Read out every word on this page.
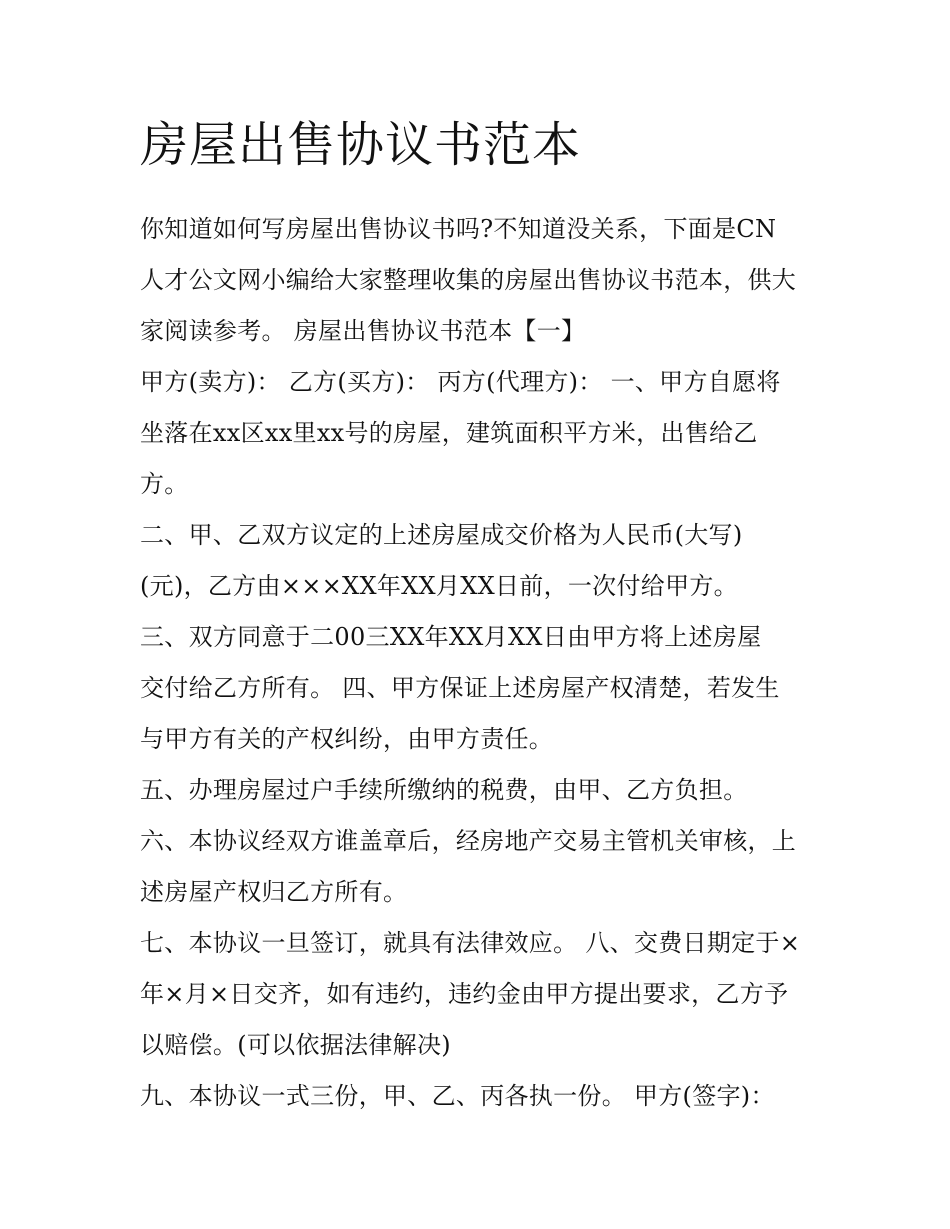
房屋出售协议书范本
你知道如何写房屋出售协议书吗?不知道没关系，下面是CN
人才公文网小编给大家整理收集的房屋出售协议书范本，供大
家阅读参考。 房屋出售协议书范本【一】
甲方(卖方)： 乙方(买方)： 丙方(代理方)： 一、甲方自愿将
坐落在xx区xx里xx号的房屋，建筑面积平方米，出售给乙
方。
二、甲、乙双方议定的上述房屋成交价格为人民币(大写)
(元)，乙方由×××XX年XX月XX日前，一次付给甲方。
三、双方同意于二00三XX年XX月XX日由甲方将上述房屋
交付给乙方所有。 四、甲方保证上述房屋产权清楚，若发生
与甲方有关的产权纠纷，由甲方责任。
五、办理房屋过户手续所缴纳的税费，由甲、乙方负担。
六、本协议经双方谁盖章后，经房地产交易主管机关审核，上
述房屋产权归乙方所有。
七、本协议一旦签订，就具有法律效应。 八、交费日期定于×
年×月×日交齐，如有违约，违约金由甲方提出要求，乙方予
以赔偿。(可以依据法律解决)
九、本协议一式三份，甲、乙、丙各执一份。 甲方(签字)：
